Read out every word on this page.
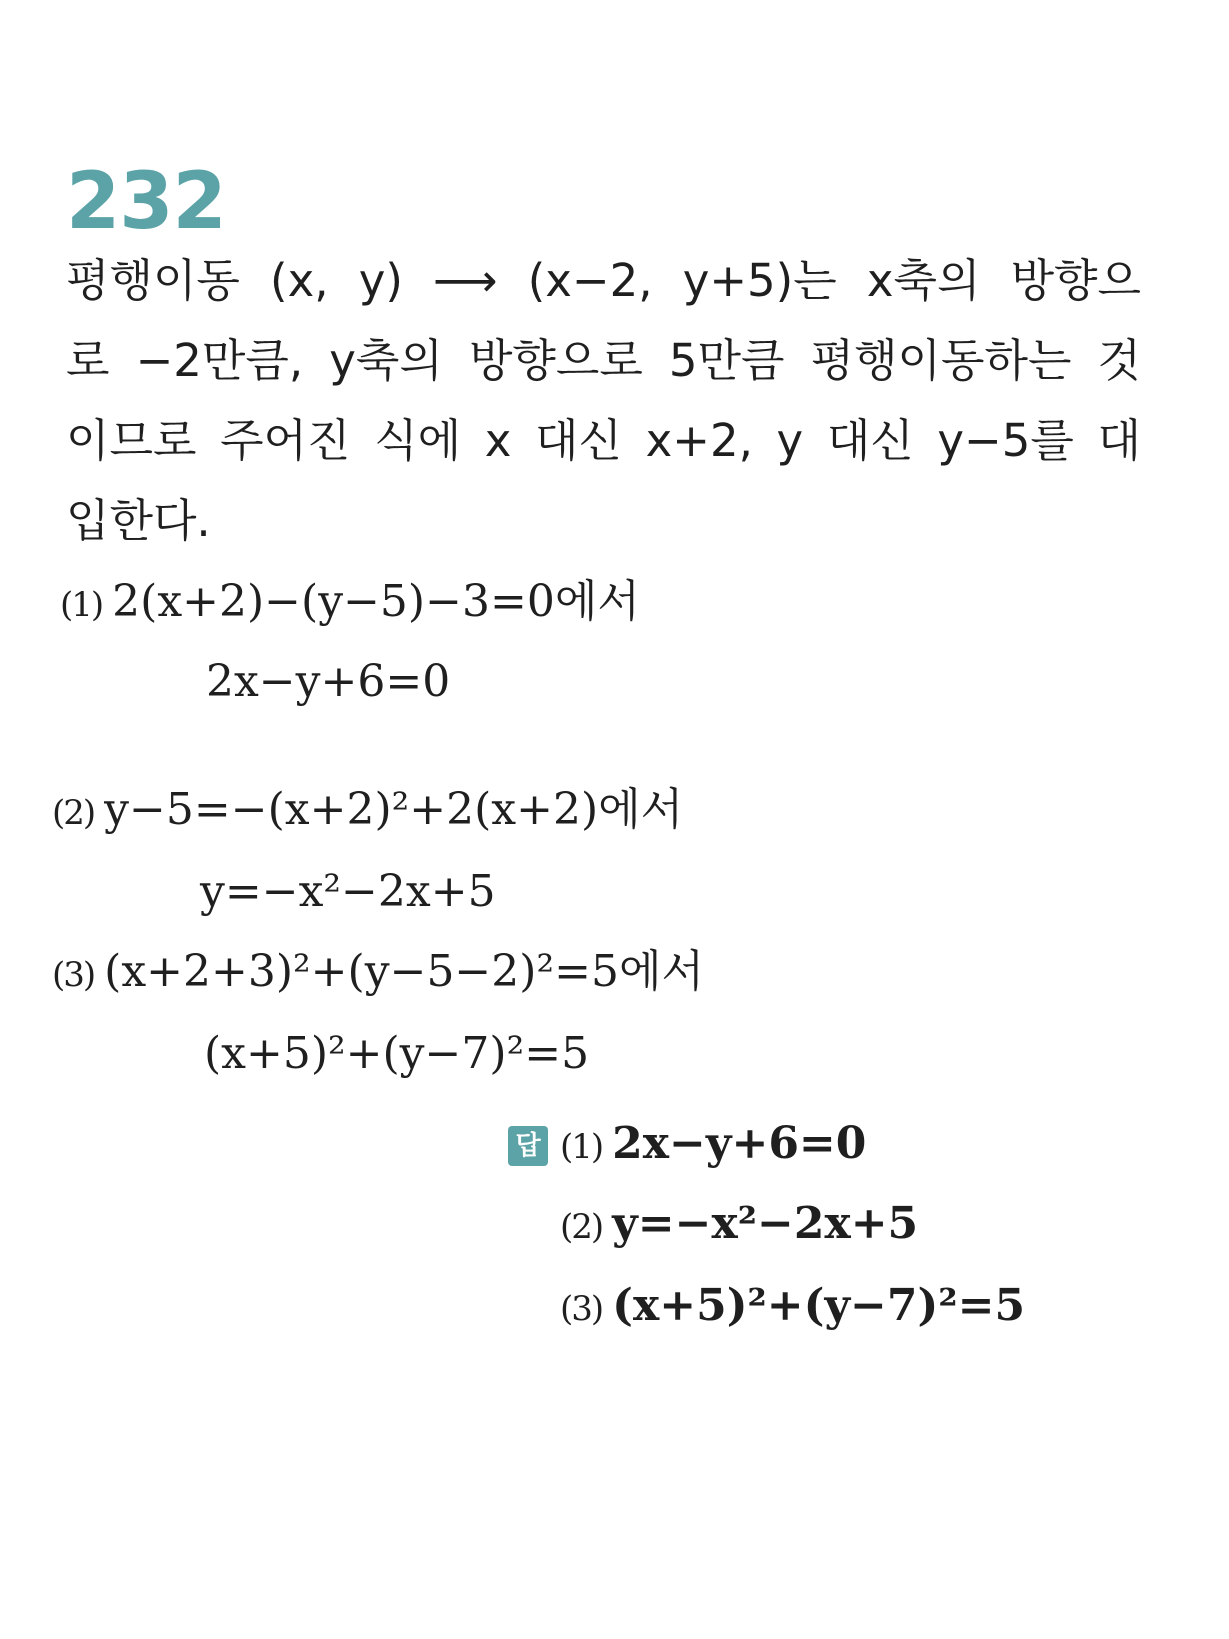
232
평행이동 (x, y) ⟶ (x−2, y+5)는 x축의 방향으
로 −2만큼, y축의 방향으로 5만큼 평행이동하는 것
이므로 주어진 식에 x 대신 x+2, y 대신 y−5를 대
입한다.
(1) 2(x+2)−(y−5)−3=0에서
2x−y+6=0
(2) y−5=−(x+2)²+2(x+2)에서
y=−x²−2x+5
(3) (x+2+3)²+(y−5−2)²=5에서
(x+5)²+(y−7)²=5
답 (1) 2x−y+6=0
(2) y=−x²−2x+5
(3) (x+5)²+(y−7)²=5
